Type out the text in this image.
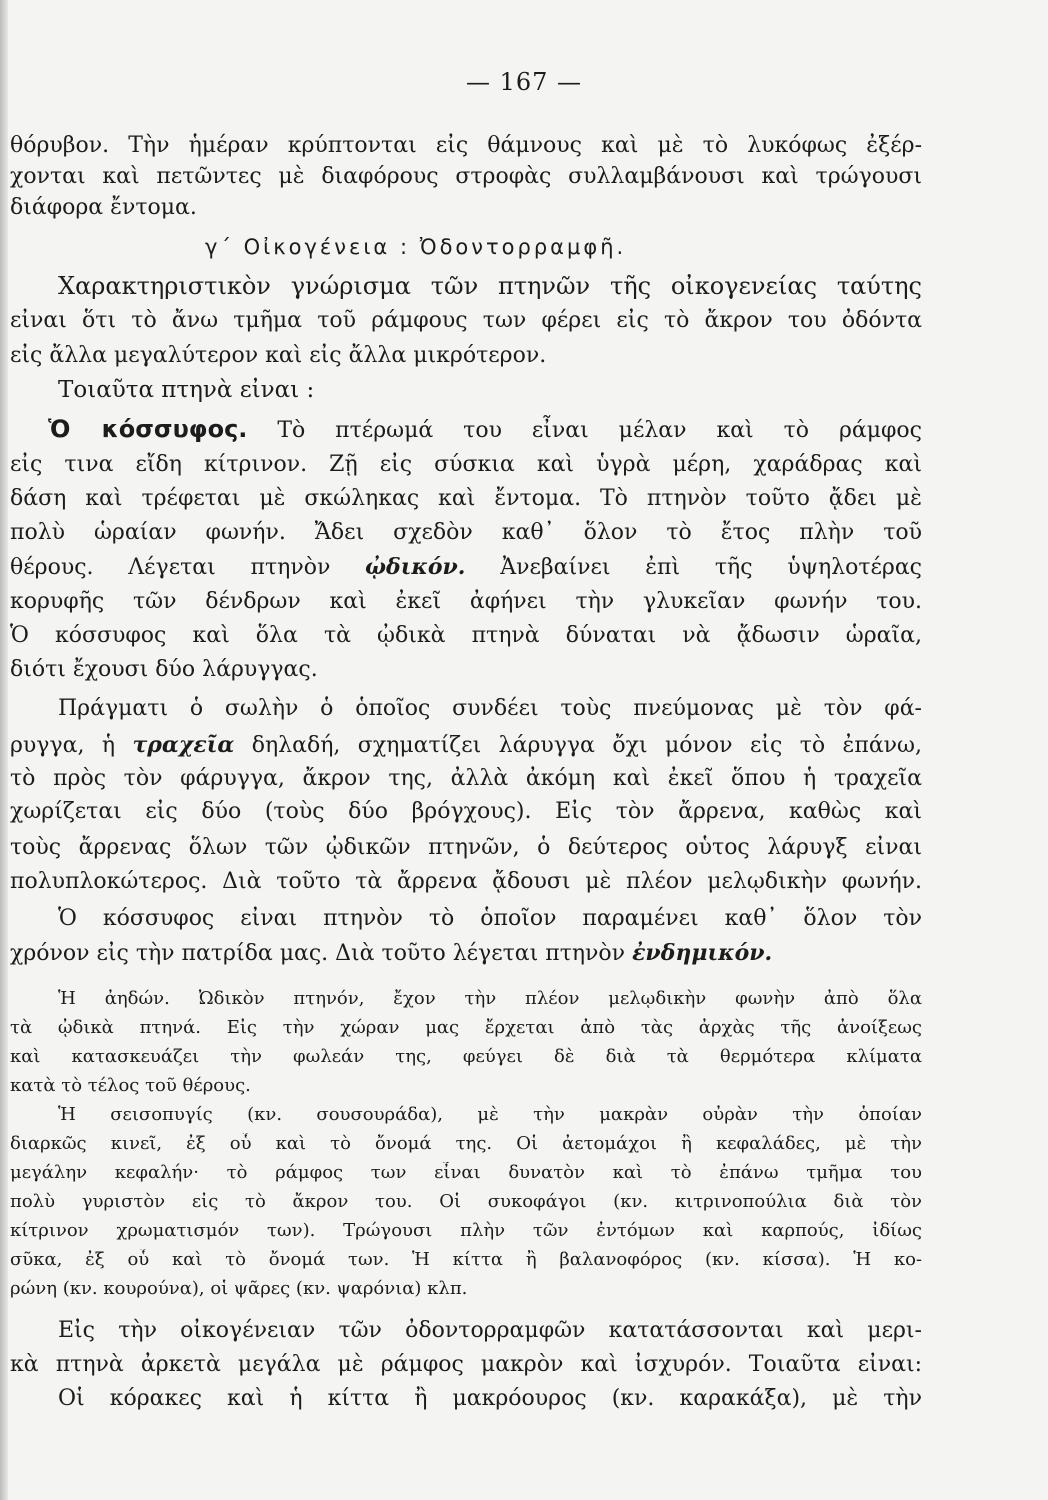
— 167 —
θόρυβον. Τὴν ἡμέραν κρύπτονται εἰς θάμνους καὶ μὲ τὸ λυκόφως ἐξέρ-
χονται καὶ πετῶντες μὲ διαφόρους στροφὰς συλλαμβάνουσι καὶ τρώγουσι
διάφορα ἔντομα.
γ΄ Οἰκογένεια : Ὀδοντορραμφῆ.
Χαρακτηριστικὸν γνώρισμα τῶν πτηνῶν τῆς οἰκογενείας ταύτης
εἶναι ὅτι τὸ ἄνω τμῆμα τοῦ ράμφους των φέρει εἰς τὸ ἄκρον του ὀδόντα
εἰς ἄλλα μεγαλύτερον καὶ εἰς ἄλλα μικρότερον.
Τοιαῦτα πτηνὰ εἶναι :
Ὁ κόσσυφος. Τὸ πτέρωμά του εἶναι μέλαν καὶ τὸ ράμφος
εἰς τινα εἴδη κίτρινον. Ζῇ εἰς σύσκια καὶ ὑγρὰ μέρη, χαράδρας καὶ
δάση καὶ τρέφεται μὲ σκώληκας καὶ ἔντομα. Τὸ πτηνὸν τοῦτο ᾄδει μὲ
πολὺ ὡραίαν φωνήν. Ἄδει σχεδὸν καθ᾿ ὅλον τὸ ἔτος πλὴν τοῦ
θέρους. Λέγεται πτηνὸν ᾠδικόν. Ἀνεβαίνει ἐπὶ τῆς ὑψηλοτέρας
κορυφῆς τῶν δένδρων καὶ ἐκεῖ ἀφήνει τὴν γλυκεῖαν φωνήν του.
Ὁ κόσσυφος καὶ ὅλα τὰ ᾠδικὰ πτηνὰ δύναται νὰ ᾄδωσιν ὡραῖα,
διότι ἔχουσι δύο λάρυγγας.
Πράγματι ὁ σωλὴν ὁ ὁποῖος συνδέει τοὺς πνεύμονας μὲ τὸν φά-
ρυγγα, ἡ τραχεῖα δηλαδή, σχηματίζει λάρυγγα ὄχι μόνον εἰς τὸ ἐπάνω,
τὸ πρὸς τὸν φάρυγγα, ἄκρον της, ἀλλὰ ἀκόμη καὶ ἐκεῖ ὅπου ἡ τραχεῖα
χωρίζεται εἰς δύο (τοὺς δύο βρόγχους). Εἰς τὸν ἄρρενα, καθὼς καὶ
τοὺς ἄρρενας ὅλων τῶν ᾠδικῶν πτηνῶν, ὁ δεύτερος οὗτος λάρυγξ εἶναι
πολυπλοκώτερος. Διὰ τοῦτο τὰ ἄρρενα ᾄδουσι μὲ πλέον μελῳδικὴν φωνήν.
Ὁ κόσσυφος εἶναι πτηνὸν τὸ ὁποῖον παραμένει καθ᾿ ὅλον τὸν
χρόνον εἰς τὴν πατρίδα μας. Διὰ τοῦτο λέγεται πτηνὸν ἐνδημικόν.
Ἡ ἀηδών. Ὠδικὸν πτηνόν, ἔχον τὴν πλέον μελῳδικὴν φωνὴν ἀπὸ ὅλα
τὰ ᾠδικὰ πτηνά. Εἰς τὴν χώραν μας ἔρχεται ἀπὸ τὰς ἀρχὰς τῆς ἀνοίξεως
καὶ κατασκευάζει τὴν φωλεάν της, φεύγει δὲ διὰ τὰ θερμότερα κλίματα
κατὰ τὸ τέλος τοῦ θέρους.
Ἡ σεισοπυγίς (κν. σουσουράδα), μὲ τὴν μακρὰν οὐρὰν τὴν ὁποίαν
διαρκῶς κινεῖ, ἐξ οὗ καὶ τὸ ὄνομά της. Οἱ ἀετομάχοι ἢ κεφαλάδες, μὲ τὴν
μεγάλην κεφαλήν· τὸ ράμφος των εἶναι δυνατὸν καὶ τὸ ἐπάνω τμῆμα του
πολὺ γυριστὸν εἰς τὸ ἄκρον του. Οἱ συκοφάγοι (κν. κιτρινοπούλια διὰ τὸν
κίτρινον χρωματισμόν των). Τρώγουσι πλὴν τῶν ἐντόμων καὶ καρπούς, ἰδίως
σῦκα, ἐξ οὗ καὶ τὸ ὄνομά των. Ἡ κίττα ἢ βαλανοφόρος (κν. κίσσα). Ἡ κο-
ρώνη (κν. κουρούνα), οἱ ψᾶρες (κν. ψαρόνια) κλπ.
Εἰς τὴν οἰκογένειαν τῶν ὀδοντορραμφῶν κατατάσσονται καὶ μερι-
κὰ πτηνὰ ἀρκετὰ μεγάλα μὲ ράμφος μακρὸν καὶ ἰσχυρόν. Τοιαῦτα εἶναι:
Οἱ κόρακες καὶ ἡ κίττα ἢ μακρόουρος (κν. καρακάξα), μὲ τὴν
